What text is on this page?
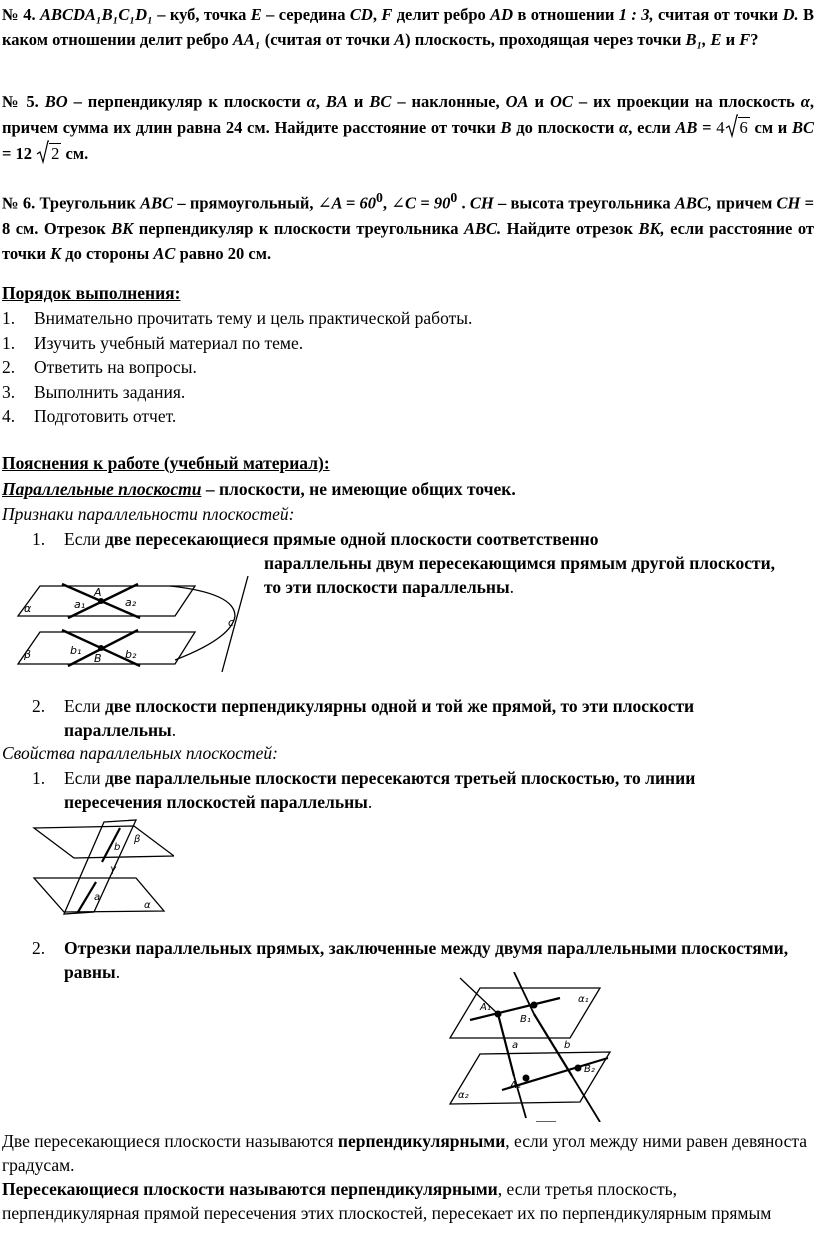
№ 4. ABCDA₁B₁C₁D₁ – куб, точка E – середина CD, F делит ребро AD в отношении 1 : 3, считая от точки D. В каком отношении делит ребро AA₁ (считая от точки A) плоскость, проходящая через точки B₁, E и F?
№ 5. BO – перпендикуляр к плоскости α, BA и BC – наклонные, OA и OC – их проекции на плоскость α, причем сумма их длин равна 24 см. Найдите расстояние от точки B до плоскости α, если AB = 4 6 см и BC = 12 2 см.
№ 6. Треугольник ABC – прямоугольный, ∠A = $60^0$, ∠C = $90^0$ . CH – высота треугольника ABC, причем CH = 8 см. Отрезок BK перпендикуляр к плоскости треугольника ABC. Найдите отрезок BK, если расстояние от точки K до стороны AC равно 20 см.
Порядок выполнения:
1.	Внимательно прочитать тему и цель практической работы.
1.	Изучить учебный материал по теме.
2.	Ответить на вопросы.
3.	Выполнить задания.
4.	Подготовить отчет.
Пояснения к работе (учебный материал):
Параллельные плоскости – плоскости, не имеющие общих точек.
Признаки параллельности плоскостей:
1. Если две пересекающиеся прямые одной плоскости соответственно
параллельны двум пересекающимся прямым другой плоскости, то эти плоскости параллельны.
A
a₁	a₂
α
β	b₁
B b₂
c
2. Если две плоскости перпендикулярны одной и той же прямой, то эти плоскости параллельны.
Свойства параллельных плоскостей:
1. Если две параллельные плоскости пересекаются третьей плоскостью, то линии пересечения плоскостей параллельны.
β
b
γ
a
α
2. Отрезки параллельных прямых, заключенные между двумя параллельными плоскостями, равны.
A₁
B₁
a	b
A₂
B₂
α₁
α₂
Две пересекающиеся плоскости называются перпендикулярными, если угол между ними равен девяноста градусам.
Пересекающиеся плоскости называются перпендикулярными, если третья плоскость, перпендикулярная прямой пересечения этих плоскостей, пересекает их по перпендикулярным прямым
